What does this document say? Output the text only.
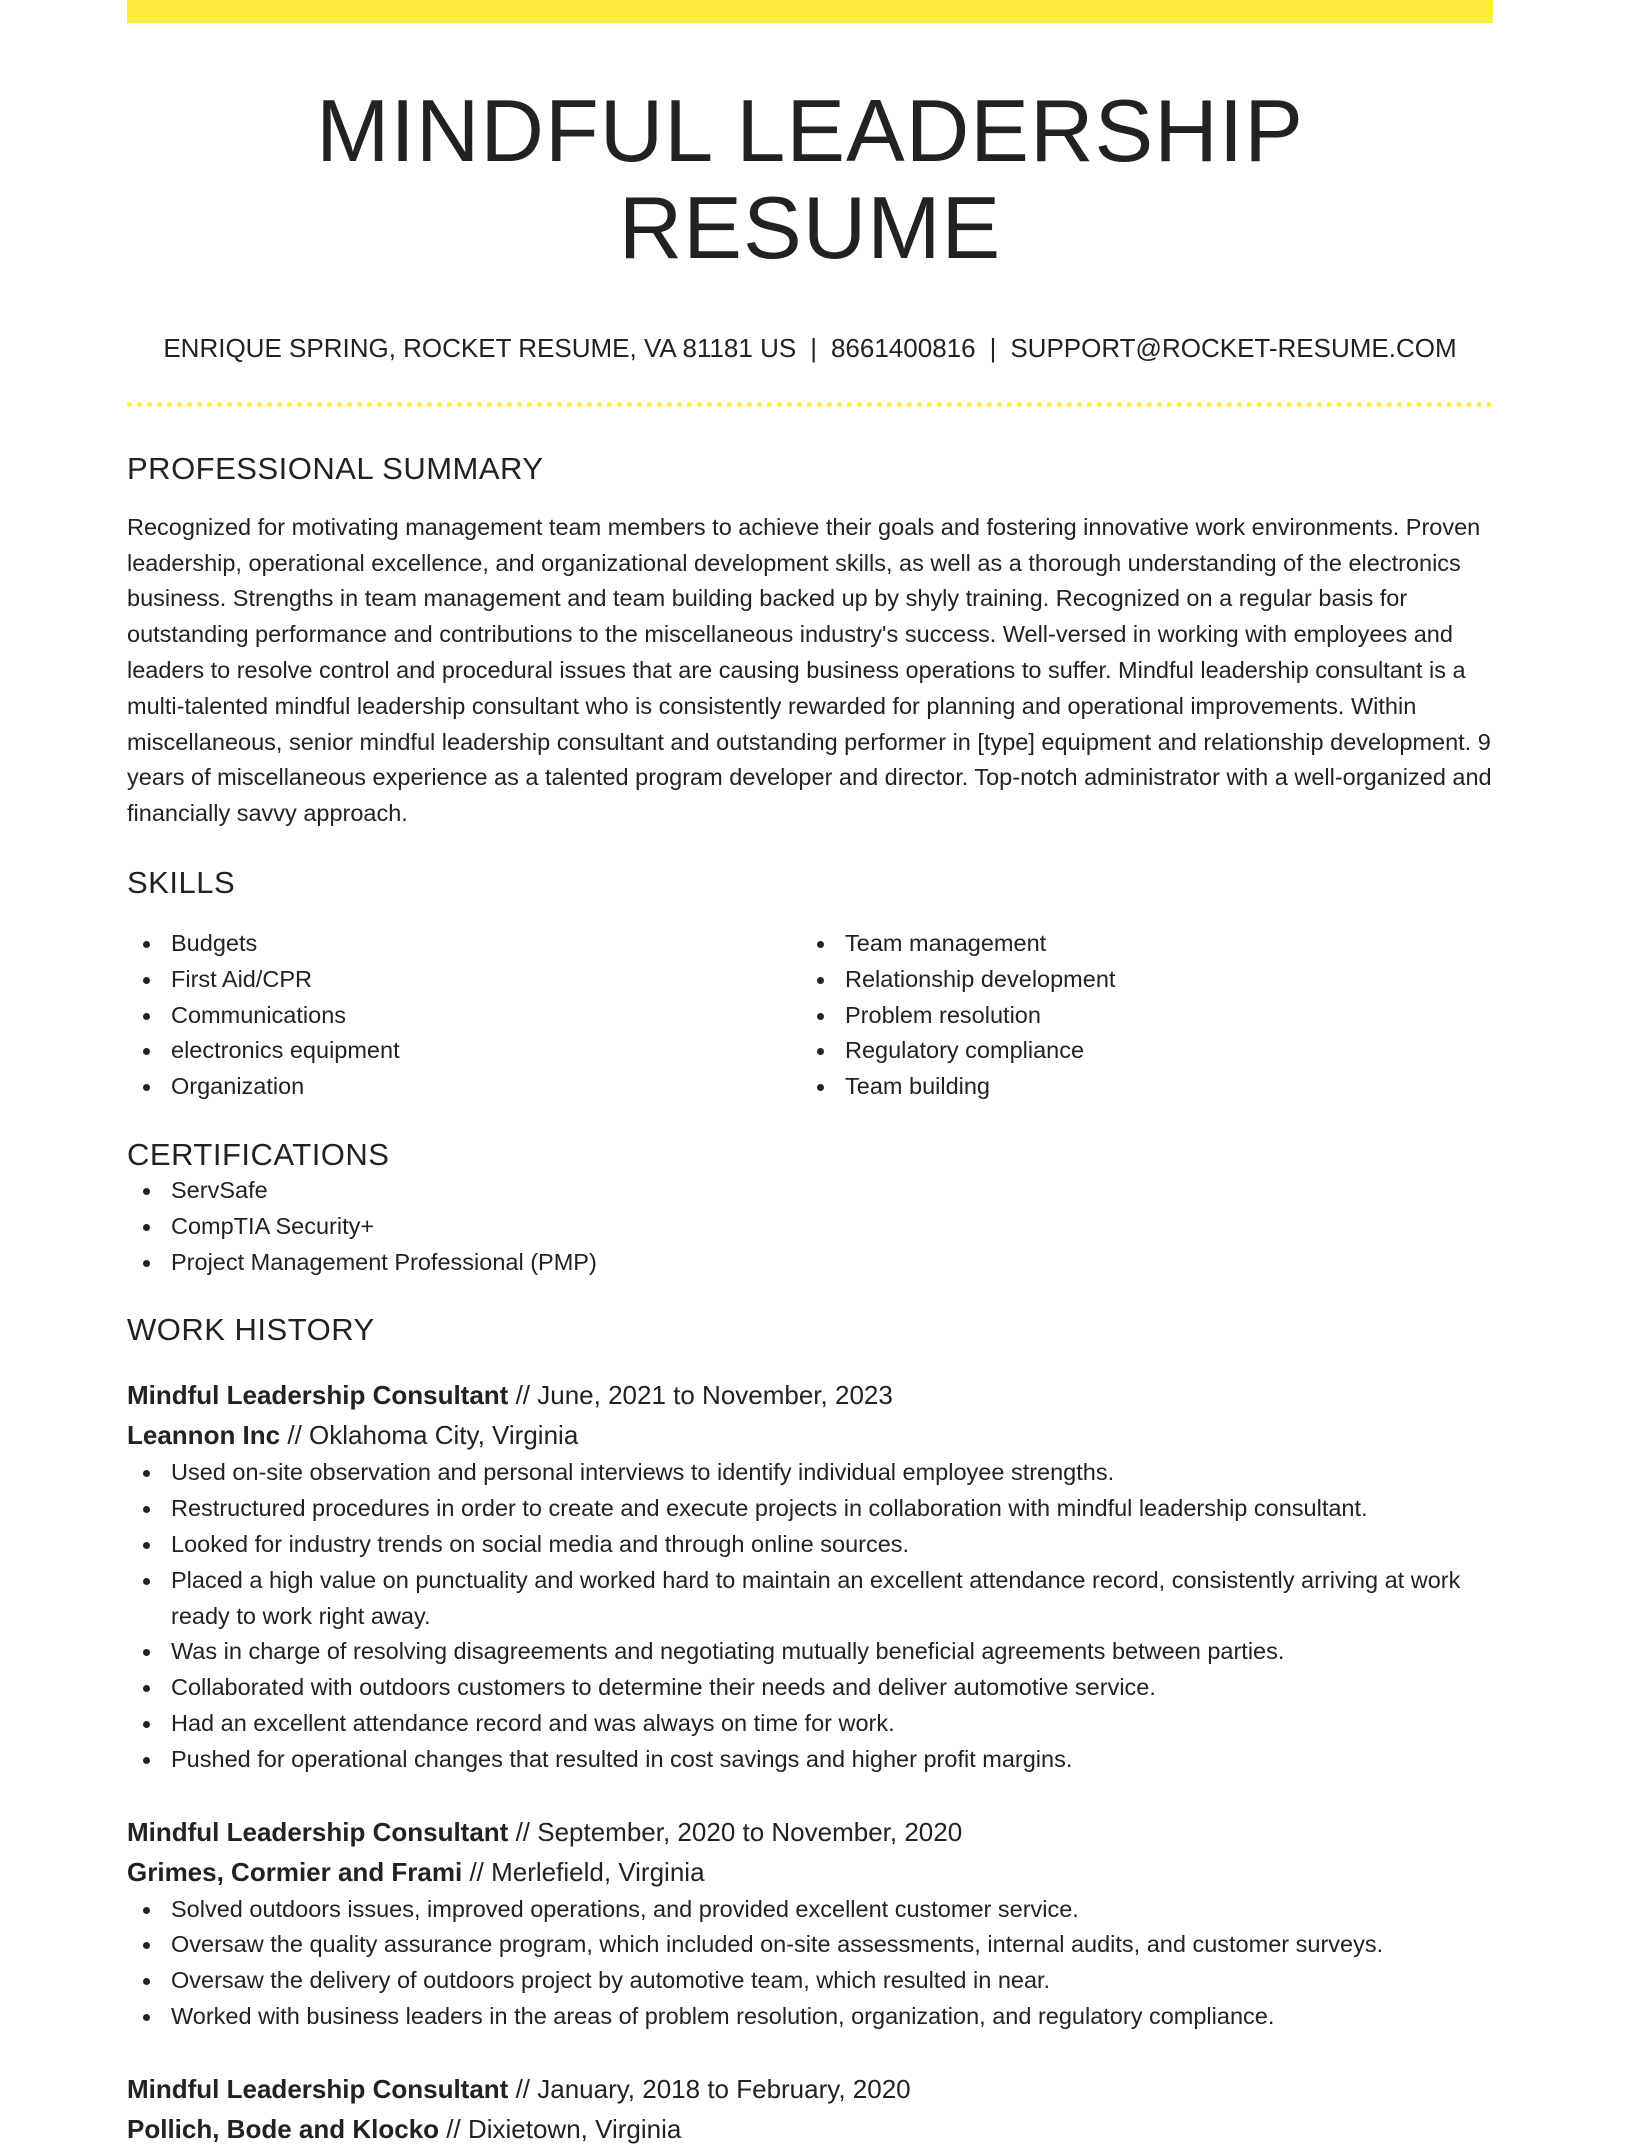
MINDFUL LEADERSHIP RESUME
ENRIQUE SPRING, ROCKET RESUME, VA 81181 US | 8661400816 | SUPPORT@ROCKET-RESUME.COM
PROFESSIONAL SUMMARY
Recognized for motivating management team members to achieve their goals and fostering innovative work environments. Proven leadership, operational excellence, and organizational development skills, as well as a thorough understanding of the electronics business. Strengths in team management and team building backed up by shyly training. Recognized on a regular basis for outstanding performance and contributions to the miscellaneous industry's success. Well-versed in working with employees and leaders to resolve control and procedural issues that are causing business operations to suffer. Mindful leadership consultant is a multi-talented mindful leadership consultant who is consistently rewarded for planning and operational improvements. Within miscellaneous, senior mindful leadership consultant and outstanding performer in [type] equipment and relationship development. 9 years of miscellaneous experience as a talented program developer and director. Top-notch administrator with a well-organized and financially savvy approach.
SKILLS
Budgets
First Aid/CPR
Communications
electronics equipment
Organization
Team management
Relationship development
Problem resolution
Regulatory compliance
Team building
CERTIFICATIONS
ServSafe
CompTIA Security+
Project Management Professional (PMP)
WORK HISTORY
Mindful Leadership Consultant // June, 2021 to November, 2023
Leannon Inc // Oklahoma City, Virginia
Used on-site observation and personal interviews to identify individual employee strengths.
Restructured procedures in order to create and execute projects in collaboration with mindful leadership consultant.
Looked for industry trends on social media and through online sources.
Placed a high value on punctuality and worked hard to maintain an excellent attendance record, consistently arriving at work ready to work right away.
Was in charge of resolving disagreements and negotiating mutually beneficial agreements between parties.
Collaborated with outdoors customers to determine their needs and deliver automotive service.
Had an excellent attendance record and was always on time for work.
Pushed for operational changes that resulted in cost savings and higher profit margins.
Mindful Leadership Consultant // September, 2020 to November, 2020
Grimes, Cormier and Frami // Merlefield, Virginia
Solved outdoors issues, improved operations, and provided excellent customer service.
Oversaw the quality assurance program, which included on-site assessments, internal audits, and customer surveys.
Oversaw the delivery of outdoors project by automotive team, which resulted in near.
Worked with business leaders in the areas of problem resolution, organization, and regulatory compliance.
Mindful Leadership Consultant // January, 2018 to February, 2020
Pollich, Bode and Klocko // Dixietown, Virginia
